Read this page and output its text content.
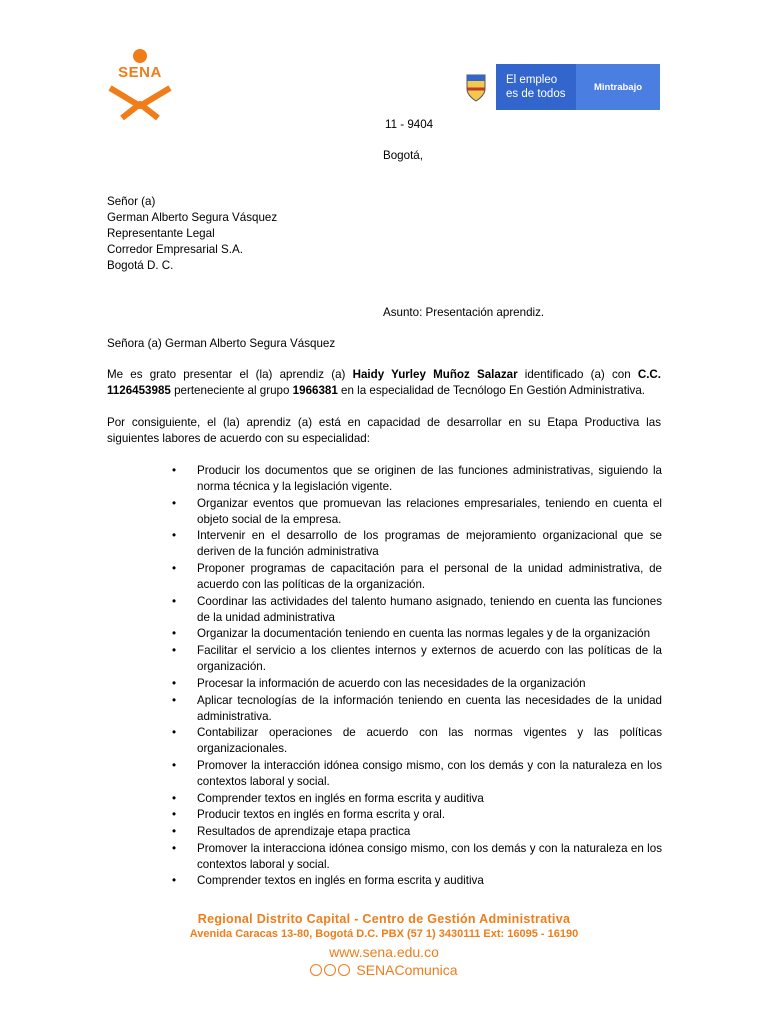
SENA	El empleo
es de todos
Mintrabajo
11 - 9404
Bogotá,
Señor (a)
German Alberto Segura Vásquez
Representante Legal
Corredor Empresarial S.A.
Bogotá D. C.
Asunto: Presentación aprendiz.
Señora (a) German Alberto Segura Vásquez
Me es grato presentar el (la) aprendiz (a) Haidy Yurley Muñoz Salazar identificado (a) con C.C. 1126453985 perteneciente al grupo 1966381 en la especialidad de Tecnólogo En Gestión Administrativa.
Por consiguiente, el (la) aprendiz (a) está en capacidad de desarrollar en su Etapa Productiva las siguientes labores de acuerdo con su especialidad:
• Producir los documentos que se originen de las funciones administrativas, siguiendo la norma técnica y la legislación vigente.
• Organizar eventos que promuevan las relaciones empresariales, teniendo en cuenta el objeto social de la empresa.
• Intervenir en el desarrollo de los programas de mejoramiento organizacional que se deriven de la función administrativa
• Proponer programas de capacitación para el personal de la unidad administrativa, de acuerdo con las políticas de la organización.
• Coordinar las actividades del talento humano asignado, teniendo en cuenta las funciones de la unidad administrativa
• Organizar la documentación teniendo en cuenta las normas legales y de la organización
• Facilitar el servicio a los clientes internos y externos de acuerdo con las políticas de la organización.
• Procesar la información de acuerdo con las necesidades de la organización
• Aplicar tecnologías de la información teniendo en cuenta las necesidades de la unidad administrativa.
• Contabilizar operaciones de acuerdo con las normas vigentes y las políticas organizacionales.
• Promover la interacción idónea consigo mismo, con los demás y con la naturaleza en los contextos laboral y social.
• Comprender textos en inglés en forma escrita y auditiva
• Producir textos en inglés en forma escrita y oral.
• Resultados de aprendizaje etapa practica
• Promover la interacciona idónea consigo mismo, con los demás y con la naturaleza en los contextos laboral y social.
• Comprender textos en inglés en forma escrita y auditiva
Regional Distrito Capital - Centro de Gestión Administrativa
Avenida Caracas 13-80, Bogotá D.C. PBX (57 1) 3430111 Ext: 16095 - 16190
www.sena.edu.co
SENAComunica
